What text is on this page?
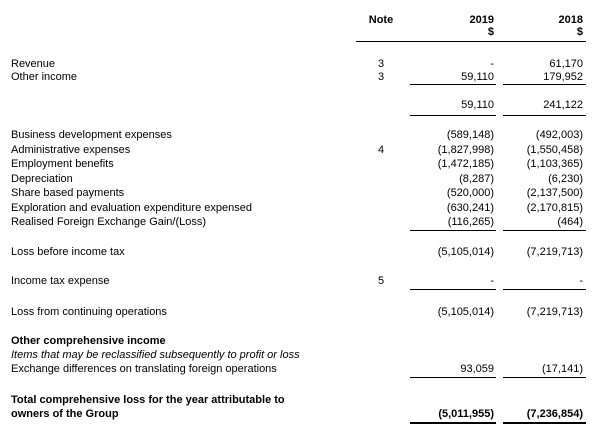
Note	2019	2018
$	$
Revenue	3	-	61,170
Other income	3	59,110	179,952
59,110	241,122
Business development expenses	(589,148)	(492,003)
Administrative expenses	4	(1,827,998)	(1,550,458)
Employment benefits	(1,472,185)	(1,103,365)
Depreciation	(8,287)	(6,230)
Share based payments	(520,000)	(2,137,500)
Exploration and evaluation expenditure expensed	(630,241)	(2,170,815)
Realised Foreign Exchange Gain/(Loss)	(116,265)	(464)
Loss before income tax	(5,105,014)	(7,219,713)
Income tax expense	5	-	-
Loss from continuing operations	(5,105,014)	(7,219,713)
Other comprehensive income
Items that may be reclassified subsequently to profit or loss
Exchange differences on translating foreign operations	93,059	(17,141)
Total comprehensive loss for the year attributable to
owners of the Group	(5,011,955)	(7,236,854)
